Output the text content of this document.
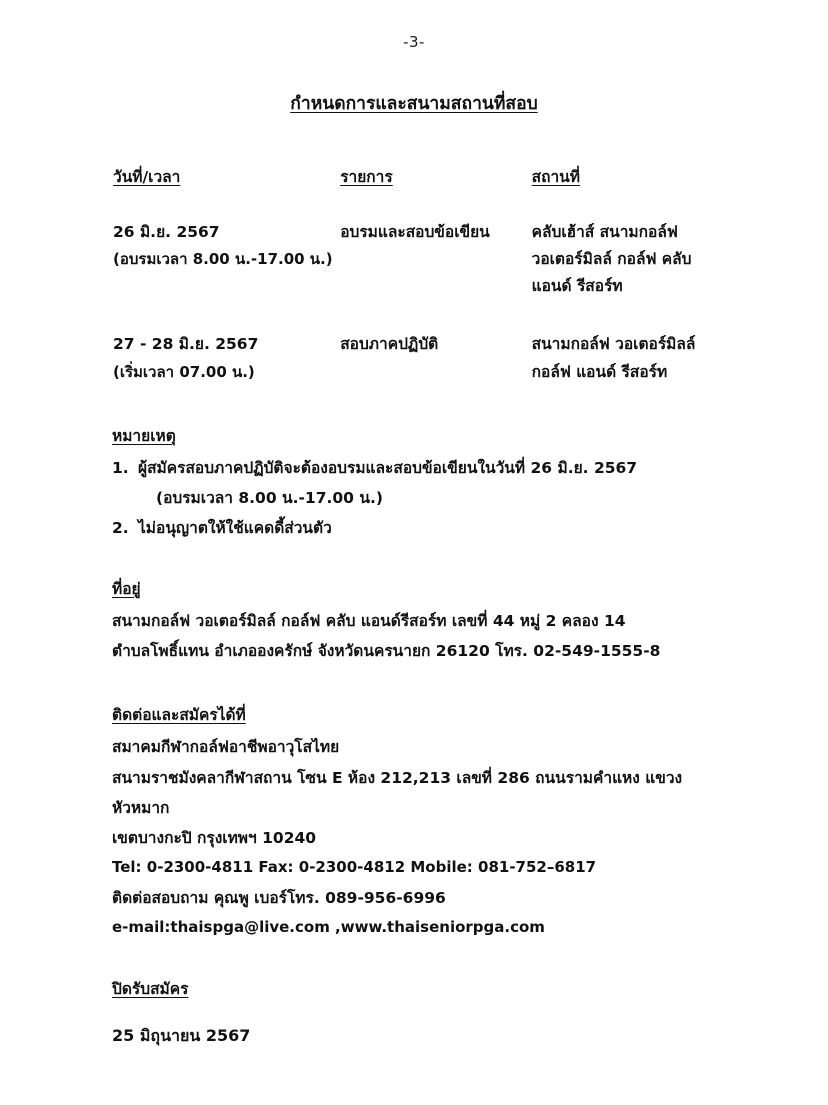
-3-
กำหนดการและสนามสถานที่สอบ
วันที่/เวลา	รายการ	สถานที่

26 มิ.ย. 2567
(อบรมเวลา 8.00 น.-17.00 น.)	อบรมและสอบข้อเขียน	คลับเฮ้าส์ สนามกอล์ฟ
วอเตอร์มิลล์ กอล์ฟ คลับ
แอนด์ รีสอร์ท

27 - 28 มิ.ย. 2567
(เริ่มเวลา 07.00 น.)	สอบภาคปฏิบัติ	สนามกอล์ฟ วอเตอร์มิลล์
กอล์ฟ แอนด์ รีสอร์ท
หมายเหตุ
1. ผู้สมัครสอบภาคปฏิบัติจะต้องอบรมและสอบข้อเขียนในวันที่ 26 มิ.ย. 2567
(อบรมเวลา 8.00 น.-17.00 น.)
2. ไม่อนุญาตให้ใช้แคดดี้ส่วนตัว
ที่อยู่
สนามกอล์ฟ วอเตอร์มิลล์ กอล์ฟ คลับ แอนด์รีสอร์ท เลขที่ 44 หมู่ 2 คลอง 14
ตำบลโพธิ์แทน อำเภอองครักษ์ จังหวัดนครนายก 26120 โทร. 02-549-1555-8
ติดต่อและสมัครได้ที่
สมาคมกีฬากอล์ฟอาชีพอาวุโสไทย
สนามราชมังคลากีฬาสถาน โซน E ห้อง 212,213 เลขที่ 286 ถนนรามคำแหง แขวงหัวหมาก
เขตบางกะปิ กรุงเทพฯ 10240
Tel: 0-2300-4811 Fax: 0-2300-4812 Mobile: 081-752–6817
ติดต่อสอบถาม คุณพู เบอร์โทร. 089-956-6996
e-mail:thaispga@live.com ,www.thaiseniorpga.com
ปิดรับสมัคร
25 มิถุนายน 2567
